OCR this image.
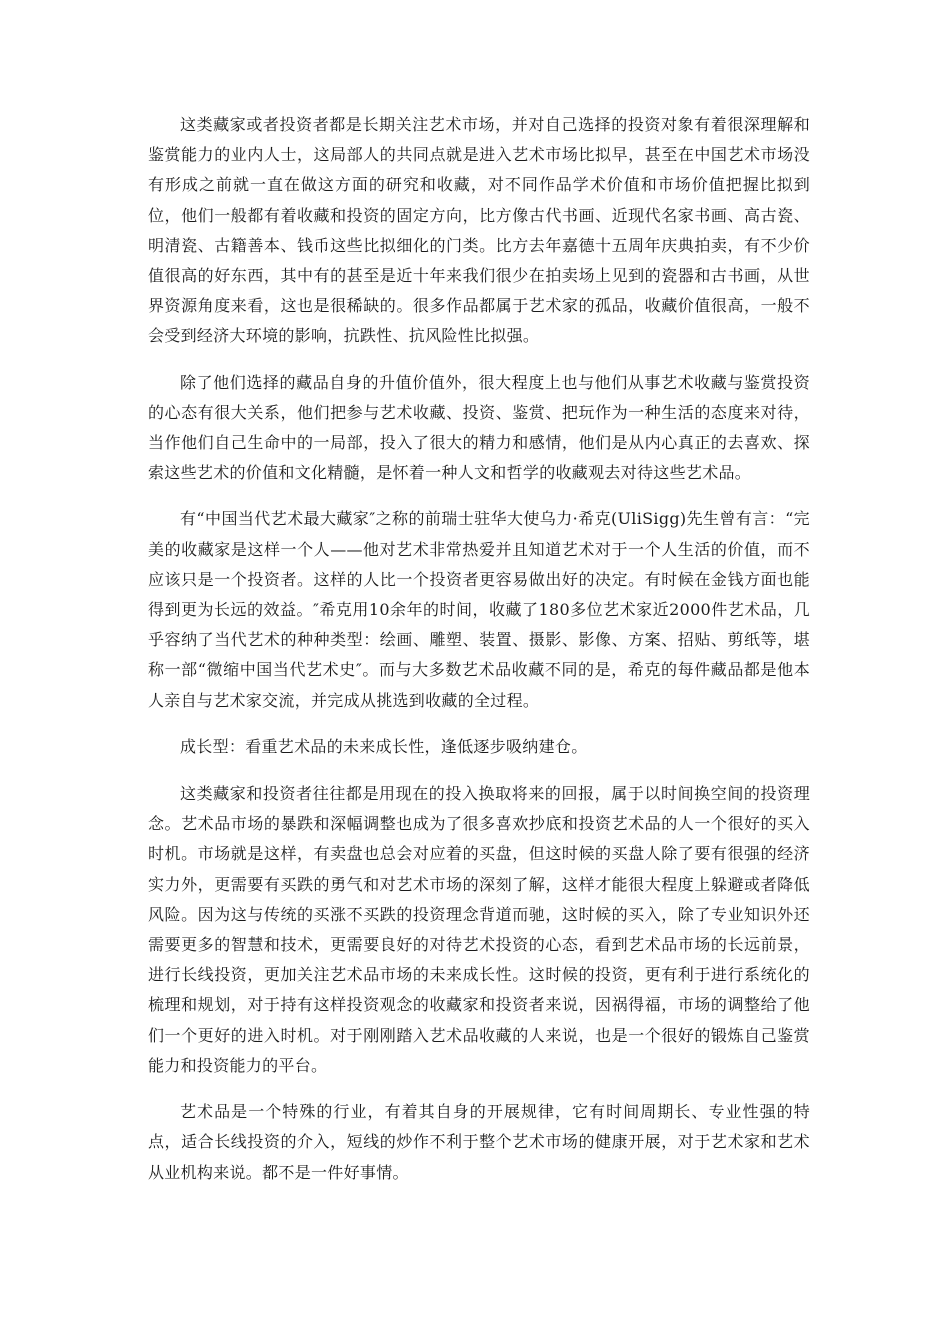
这类藏家或者投资者都是长期关注艺术市场，并对自己选择的投资对象有着很深理解和鉴赏能力的业内人士，这局部人的共同点就是进入艺术市场比拟早，甚至在中国艺术市场没有形成之前就一直在做这方面的研究和收藏，对不同作品学术价值和市场价值把握比拟到位，他们一般都有着收藏和投资的固定方向，比方像古代书画、近现代名家书画、高古瓷、明清瓷、古籍善本、钱币这些比拟细化的门类。比方去年嘉德十五周年庆典拍卖，有不少价值很高的好东西，其中有的甚至是近十年来我们很少在拍卖场上见到的瓷器和古书画，从世界资源角度来看，这也是很稀缺的。很多作品都属于艺术家的孤品，收藏价值很高，一般不会受到经济大环境的影响，抗跌性、抗风险性比拟强。

除了他们选择的藏品自身的升值价值外，很大程度上也与他们从事艺术收藏与鉴赏投资的心态有很大关系，他们把参与艺术收藏、投资、鉴赏、把玩作为一种生活的态度来对待，当作他们自己生命中的一局部，投入了很大的精力和感情，他们是从内心真正的去喜欢、探索这些艺术的价值和文化精髓，是怀着一种人文和哲学的收藏观去对待这些艺术品。

有“中国当代艺术最大藏家″之称的前瑞士驻华大使乌力·希克(UliSigg)先生曾有言：“完美的收藏家是这样一个人——他对艺术非常热爱并且知道艺术对于一个人生活的价值，而不应该只是一个投资者。这样的人比一个投资者更容易做出好的决定。有时候在金钱方面也能得到更为长远的效益。″希克用10余年的时间，收藏了180多位艺术家近2000件艺术品，几乎容纳了当代艺术的种种类型：绘画、雕塑、装置、摄影、影像、方案、招贴、剪纸等，堪称一部“微缩中国当代艺术史″。而与大多数艺术品收藏不同的是，希克的每件藏品都是他本人亲自与艺术家交流，并完成从挑选到收藏的全过程。

成长型：看重艺术品的未来成长性，逢低逐步吸纳建仓。

这类藏家和投资者往往都是用现在的投入换取将来的回报，属于以时间换空间的投资理念。艺术品市场的暴跌和深幅调整也成为了很多喜欢抄底和投资艺术品的人一个很好的买入时机。市场就是这样，有卖盘也总会对应着的买盘，但这时候的买盘人除了要有很强的经济实力外，更需要有买跌的勇气和对艺术市场的深刻了解，这样才能很大程度上躲避或者降低风险。因为这与传统的买涨不买跌的投资理念背道而驰，这时候的买入，除了专业知识外还需要更多的智慧和技术，更需要良好的对待艺术投资的心态，看到艺术品市场的长远前景，进行长线投资，更加关注艺术品市场的未来成长性。这时候的投资，更有利于进行系统化的梳理和规划，对于持有这样投资观念的收藏家和投资者来说，因祸得福，市场的调整给了他们一个更好的进入时机。对于刚刚踏入艺术品收藏的人来说，也是一个很好的锻炼自己鉴赏能力和投资能力的平台。

艺术品是一个特殊的行业，有着其自身的开展规律，它有时间周期长、专业性强的特点，适合长线投资的介入，短线的炒作不利于整个艺术市场的健康开展，对于艺术家和艺术从业机构来说。都不是一件好事情。
